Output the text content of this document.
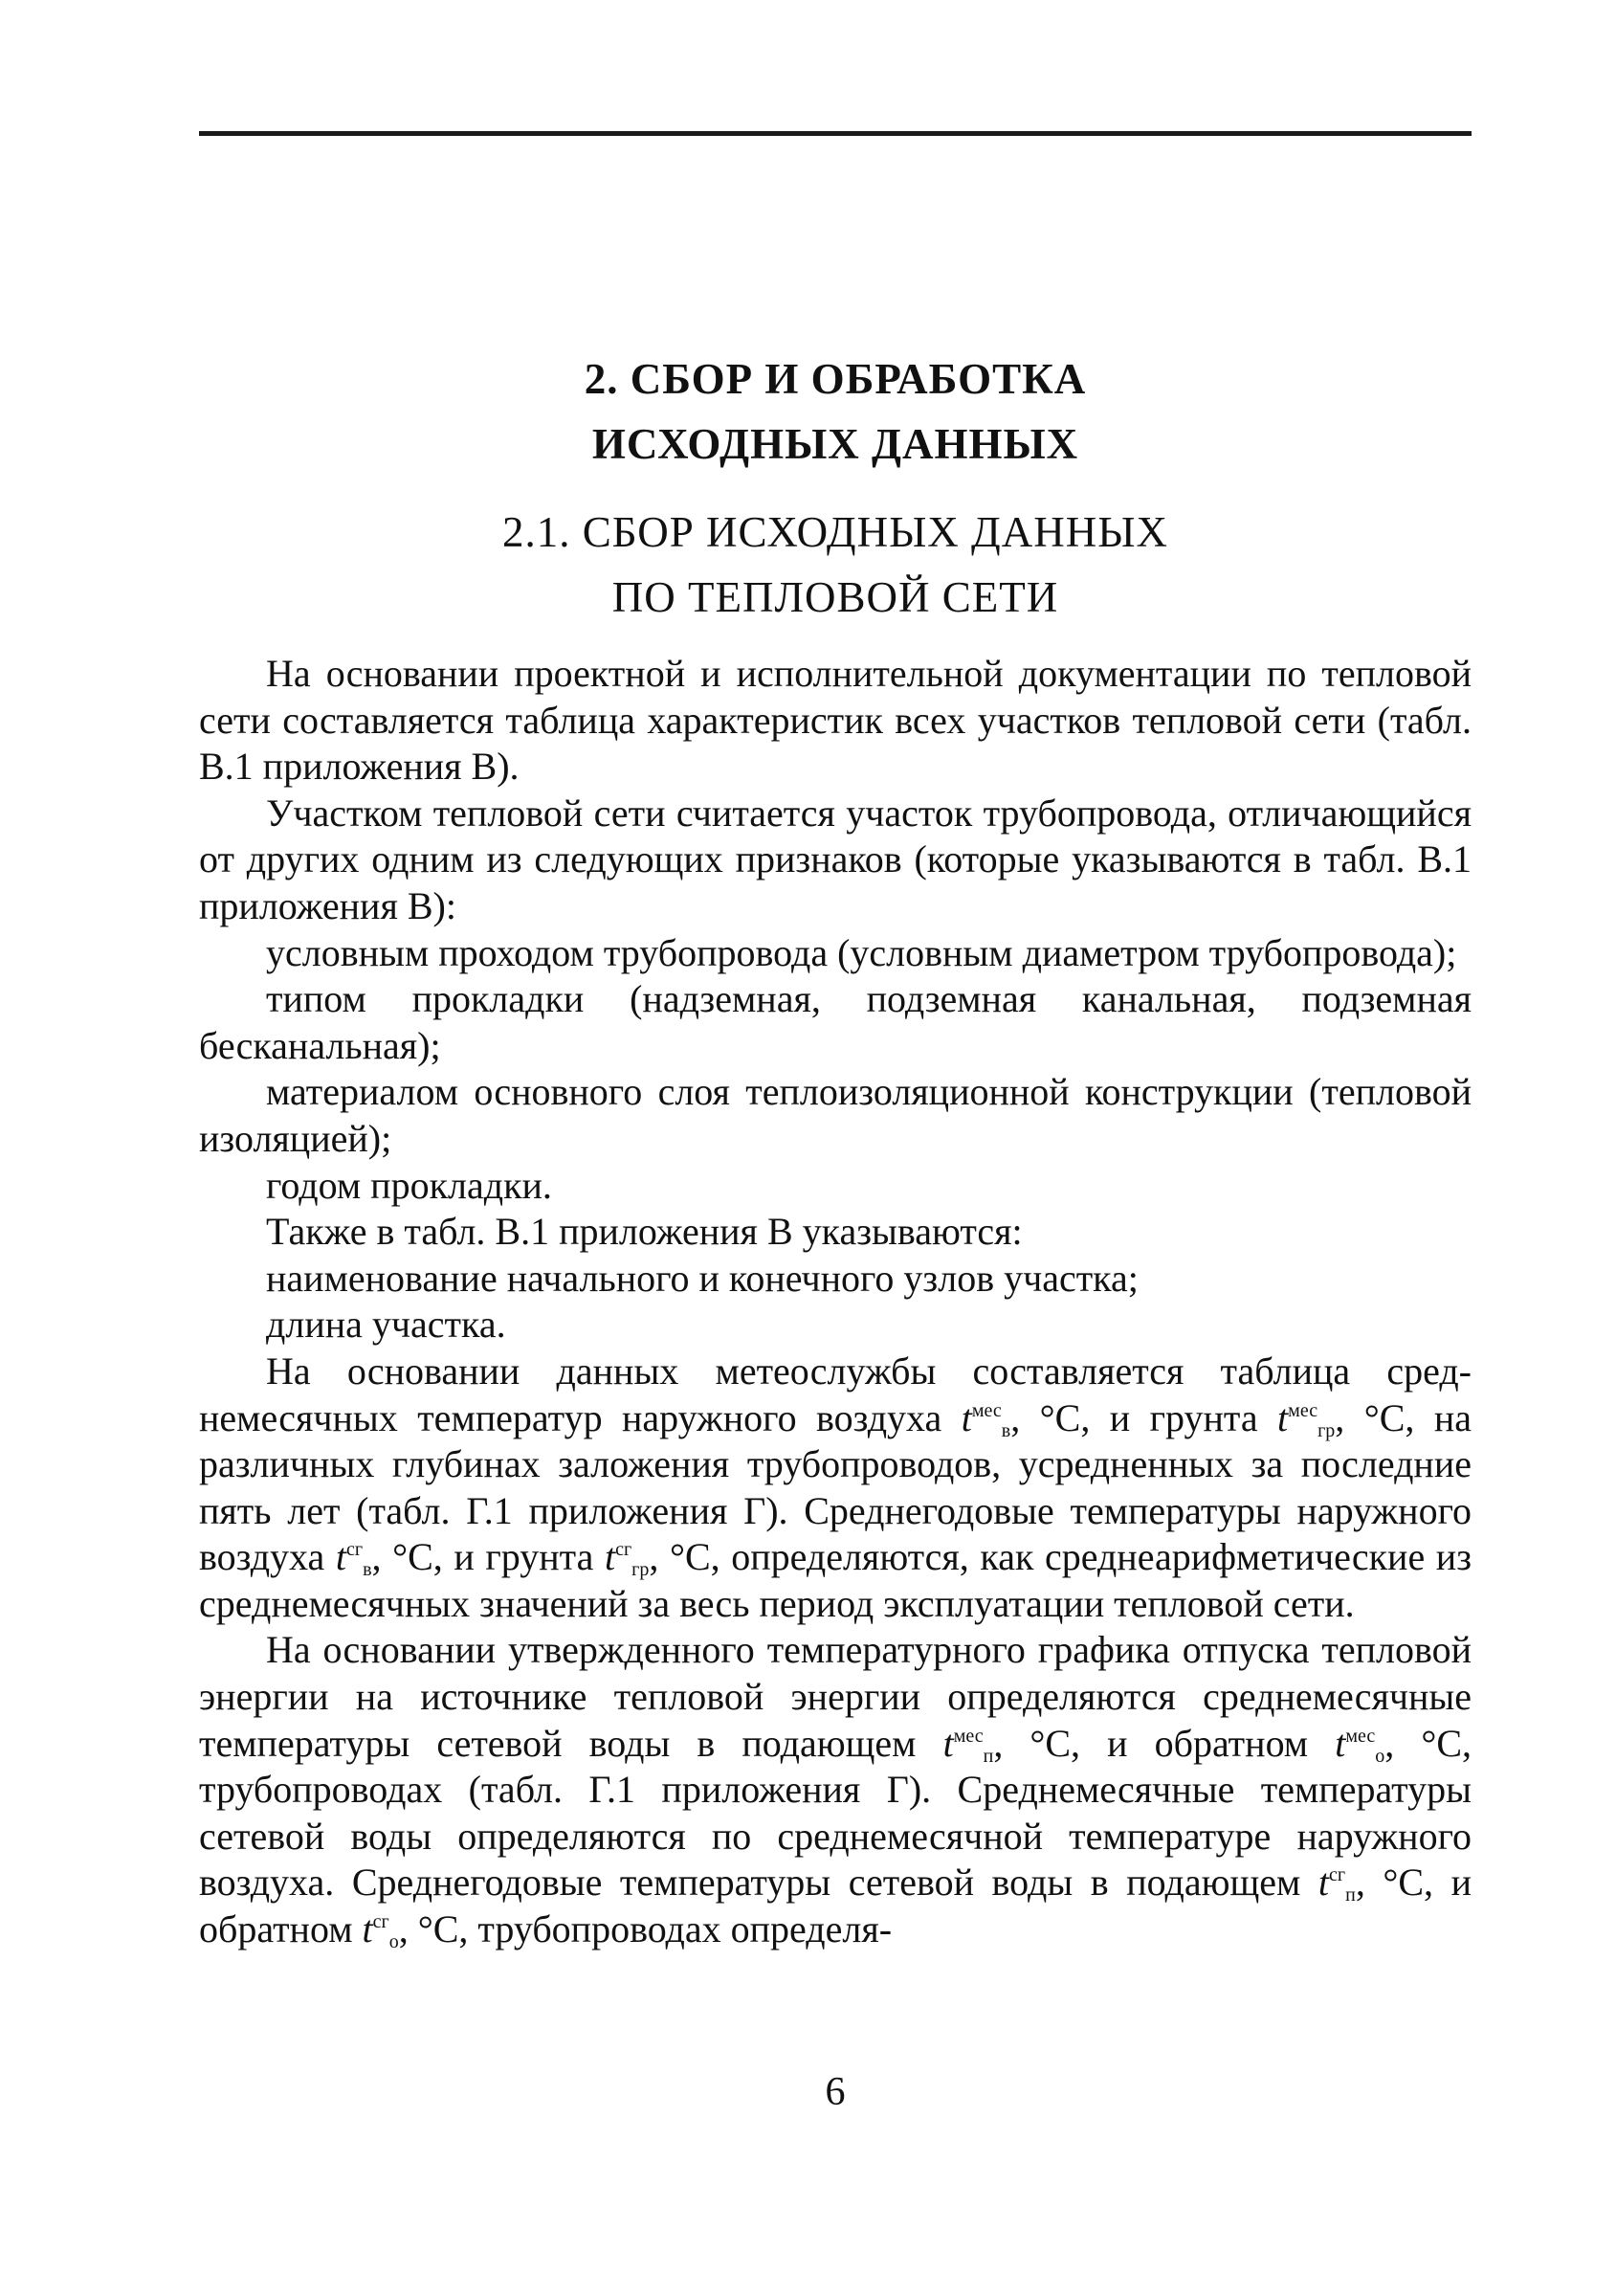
2. СБОР И ОБРАБОТКА
ИСХОДНЫХ ДАННЫХ
2.1. СБОР ИСХОДНЫХ ДАННЫХ
ПО ТЕПЛОВОЙ СЕТИ

На основании проектной и исполнительной документации по тепловой сети составляется таблица характеристик всех участков тепловой сети (табл. В.1 приложения В).

Участком тепловой сети считается участок трубопровода, отличающийся от других одним из следующих признаков (которые указываются в табл. В.1 приложения В):

условным проходом трубопровода (условным диаметром трубопровода);

типом прокладки (надземная, подземная канальная, подземная бесканальная);

материалом основного слоя теплоизоляционной конструкции (тепловой изоляцией);

годом прокладки.

Также в табл. В.1 приложения В указываются:

наименование начального и конечного узлов участка;

длина участка.

На основании данных метеослужбы составляется таблица среднемесячных температур наружного воздуха $t^{мес}_в$, °С, и грунта $t^{мес}_{гр}$, °С, на различных глубинах заложения трубопроводов, усредненных за последние пять лет (табл. Г.1 приложения Г). Среднегодовые температуры наружного воздуха $t^{сг}_в$, °С, и грунта $t^{сг}_{гр}$, °С, определяются, как среднеарифметические из среднемесячных значений за весь период эксплуатации тепловой сети.

На основании утвержденного температурного графика отпуска тепловой энергии на источнике тепловой энергии определяются среднемесячные температуры сетевой воды в подающем $t^{мес}_п$, °С, и обратном $t^{мес}_о$, °С, трубопроводах (табл. Г.1 приложения Г). Среднемесячные температуры сетевой воды определяются по среднемесячной температуре наружного воздуха. Среднегодовые температуры сетевой воды в подающем $t^{сг}_п$, °С, и обратном $t^{сг}_о$, °С, трубопроводах определя-

6
